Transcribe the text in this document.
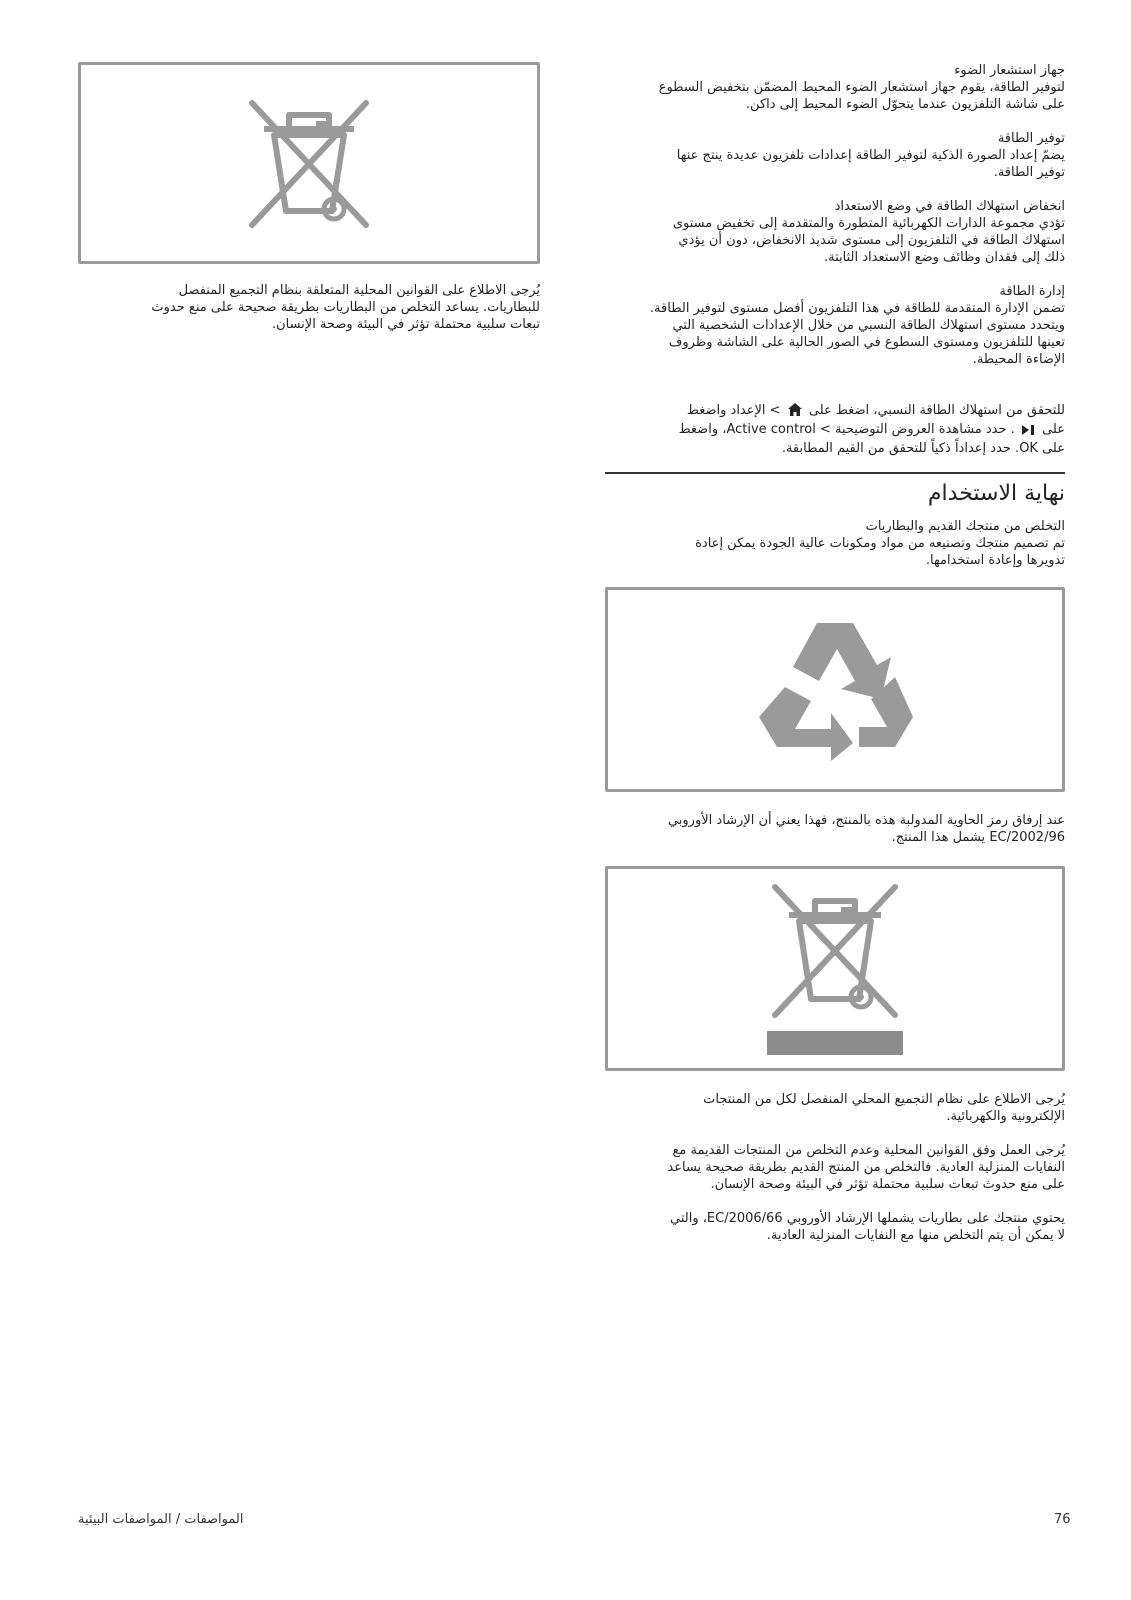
يُرجى الاطلاع على القوانين المحلية المتعلقة بنظام التجميع المنفصل

للبطاريات. يساعد التخلص من البطاريات بطريقة صحيحة على منع حدوث

تبعات سلبية محتملة تؤثر في البيئة وصحة الإنسان.

جهاز استشعار الضوء

لتوفير الطاقة، يقوم جهاز استشعار الضوء المحيط المضمّن بتخفيض السطوع

على شاشة التلفزيون عندما يتحوّل الضوء المحيط إلى داكن.

توفير الطاقة

يضمّ إعداد الصورة الذكية لتوفير الطاقة إعدادات تلفزيون عديدة ينتج عنها

توفير الطاقة.

انخفاض استهلاك الطاقة في وضع الاستعداد

تؤدي مجموعة الدارات الكهربائية المتطورة والمتقدمة إلى تخفيض مستوى

استهلاك الطاقة في التلفزيون إلى مستوى شديد الانخفاض، دون أن يؤدي

ذلك إلى فقدان وظائف وضع الاستعداد الثابتة.

إدارة الطاقة

تضمن الإدارة المتقدمة للطاقة في هذا التلفزيون أفضل مستوى لتوفير الطاقة.

ويتحدد مستوى استهلاك الطاقة النسبي من خلال الإعدادات الشخصية التي

تعينها للتلفزيون ومستوى السطوع في الصور الحالية على الشاشة وظروف

الإضاءة المحيطة.

للتحقق من استهلاك الطاقة النسبي، اضغط على  > الإعداد واضغط

على  . حدد مشاهدة العروض التوضيحية > Active control، واضغط

على OK. حدد إعداداً ذكياً للتحقق من القيم المطابقة.

نهاية الاستخدام

التخلص من منتجك القديم والبطاريات

تم تصميم منتجك وتصنيعه من مواد ومكونات عالية الجودة يمكن إعادة

تدويرها وإعادة استخدامها.

عند إرفاق رمز الحاوية المدولبة هذه بالمنتج، فهذا يعني أن الإرشاد الأوروبي

EC/2002/96 يشمل هذا المنتج.

يُرجى الاطلاع على نظام التجميع المحلي المنفصل لكل من المنتجات

الإلكترونية والكهربائية.

يُرجى العمل وفق القوانين المحلية وعدم التخلص من المنتجات القديمة مع

النفايات المنزلية العادية. فالتخلص من المنتج القديم بطريقة صحيحة يساعد

على منع حدوث تبعات سلبية محتملة تؤثر في البيئة وصحة الإنسان.

يحتوي منتجك على بطاريات يشملها الإرشاد الأوروبي EC/2006/66، والتي

لا يمكن أن يتم التخلص منها مع النفايات المنزلية العادية.

76
المواصفات / المواصفات البيئية
